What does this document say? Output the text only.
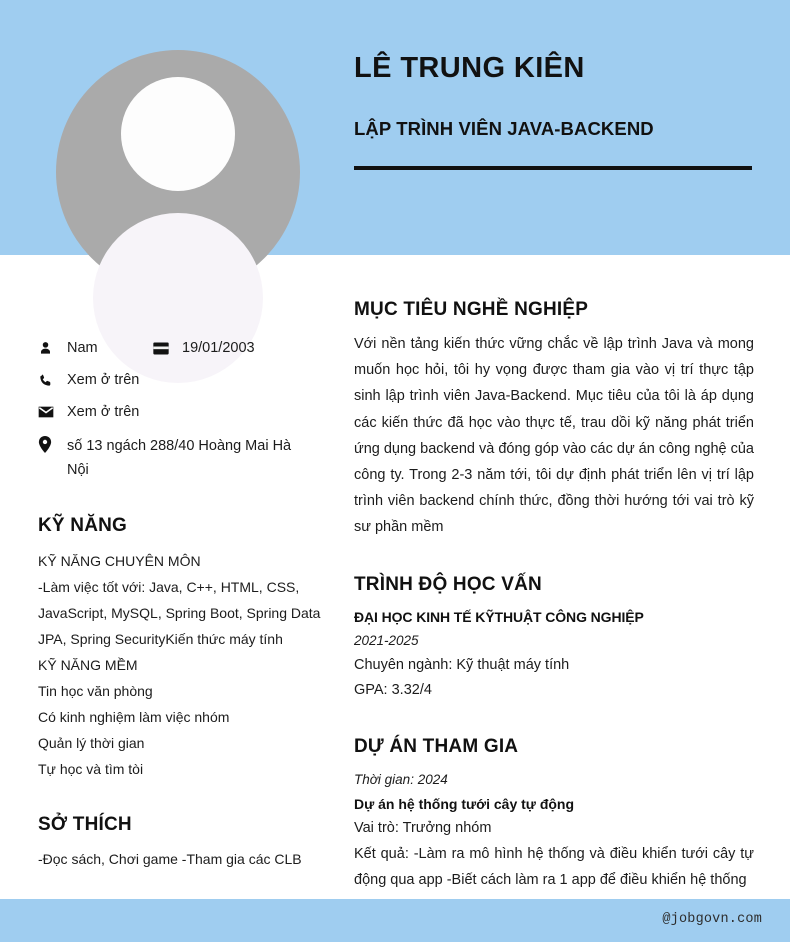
LÊ TRUNG KIÊN
LẬP TRÌNH VIÊN JAVA-BACKEND
Nam	19/01/2003
Xem ở trên
Xem ở trên
số 13 ngách 288/40 Hoàng Mai Hà Nội
KỸ NĂNG
KỸ NĂNG CHUYÊN MÔN
-Làm việc tốt với: Java, C++, HTML, CSS, JavaScript, MySQL, Spring Boot, Spring Data JPA, Spring SecurityKiến thức máy tính
KỸ NĂNG MỀM
Tin học văn phòng
Có kinh nghiệm làm việc nhóm
Quản lý thời gian
Tự học và tìm tòi
SỞ THÍCH
-Đọc sách, Chơi game -Tham gia các CLB
MỤC TIÊU NGHỀ NGHIỆP

Với nền tảng kiến thức vững chắc về lập trình Java và mong muốn học hỏi, tôi hy vọng được tham gia vào vị trí thực tập sinh lập trình viên Java-Backend. Mục tiêu của tôi là áp dụng các kiến thức đã học vào thực tế, trau dồi kỹ năng phát triển ứng dụng backend và đóng góp vào các dự án công nghệ của công ty. Trong 2-3 năm tới, tôi dự định phát triển lên vị trí lập trình viên backend chính thức, đồng thời hướng tới vai trò kỹ sư phần mềm

TRÌNH ĐỘ HỌC VẤN
ĐẠI HỌC KINH TẾ KỸTHUẬT CÔNG NGHIỆP
2021-2025
Chuyên ngành: Kỹ thuật máy tính
GPA: 3.32/4
DỰ ÁN THAM GIA
Thời gian: 2024
Dự án hệ thống tưới cây tự động
Vai trò: Trưởng nhóm
Kết quả: -Làm ra mô hình hệ thống và điều khiển tưới cây tự động qua app -Biết cách làm ra 1 app để điều khiển hệ thống
@jobgovn.com
